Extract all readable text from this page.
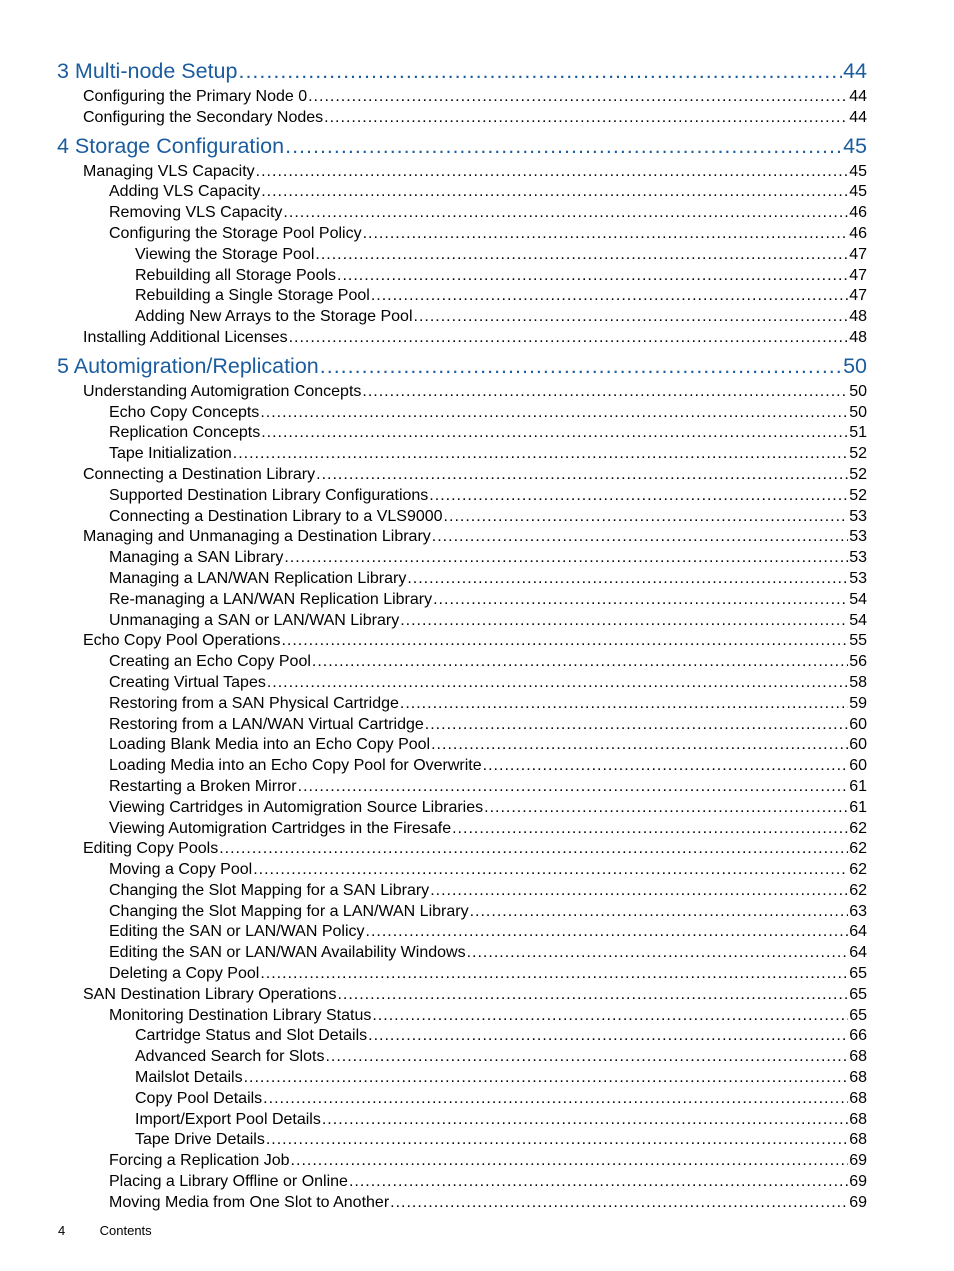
3 Multi-node Setup .....	44
Configuring the Primary Node 0 .....	44
Configuring the Secondary Nodes .....	44
4 Storage Configuration .....	45
Managing VLS Capacity .....	45
Adding VLS Capacity .....	45
Removing VLS Capacity .....	46
Configuring the Storage Pool Policy .....	46
Viewing the Storage Pool .....	47
Rebuilding all Storage Pools .....	47
Rebuilding a Single Storage Pool .....	47
Adding New Arrays to the Storage Pool .....	48
Installing Additional Licenses .....	48
5 Automigration/Replication .....	50
Understanding Automigration Concepts .....	50
Echo Copy Concepts .....	50
Replication Concepts .....	51
Tape Initialization .....	52
Connecting a Destination Library .....	52
Supported Destination Library Configurations .....	52
Connecting a Destination Library to a VLS9000 .....	53
Managing and Unmanaging a Destination Library .....	53
Managing a SAN Library .....	53
Managing a LAN/WAN Replication Library .....	53
Re-managing a LAN/WAN Replication Library .....	54
Unmanaging a SAN or LAN/WAN Library .....	54
Echo Copy Pool Operations .....	55
Creating an Echo Copy Pool .....	56
Creating Virtual Tapes .....	58
Restoring from a SAN Physical Cartridge .....	59
Restoring from a LAN/WAN Virtual Cartridge .....	60
Loading Blank Media into an Echo Copy Pool .....	60
Loading Media into an Echo Copy Pool for Overwrite .....	60
Restarting a Broken Mirror .....	61
Viewing Cartridges in Automigration Source Libraries .....	61
Viewing Automigration Cartridges in the Firesafe .....	62
Editing Copy Pools .....	62
Moving a Copy Pool .....	62
Changing the Slot Mapping for a SAN Library .....	62
Changing the Slot Mapping for a LAN/WAN Library .....	63
Editing the SAN or LAN/WAN Policy .....	64
Editing the SAN or LAN/WAN Availability Windows .....	64
Deleting a Copy Pool .....	65
SAN Destination Library Operations .....	65
Monitoring Destination Library Status .....	65
Cartridge Status and Slot Details .....	66
Advanced Search for Slots .....	68
Mailslot Details .....	68
Copy Pool Details .....	68
Import/Export Pool Details .....	68
Tape Drive Details .....	68
Forcing a Replication Job .....	69
Placing a Library Offline or Online .....	69
Moving Media from One Slot to Another .....	69
4	Contents
